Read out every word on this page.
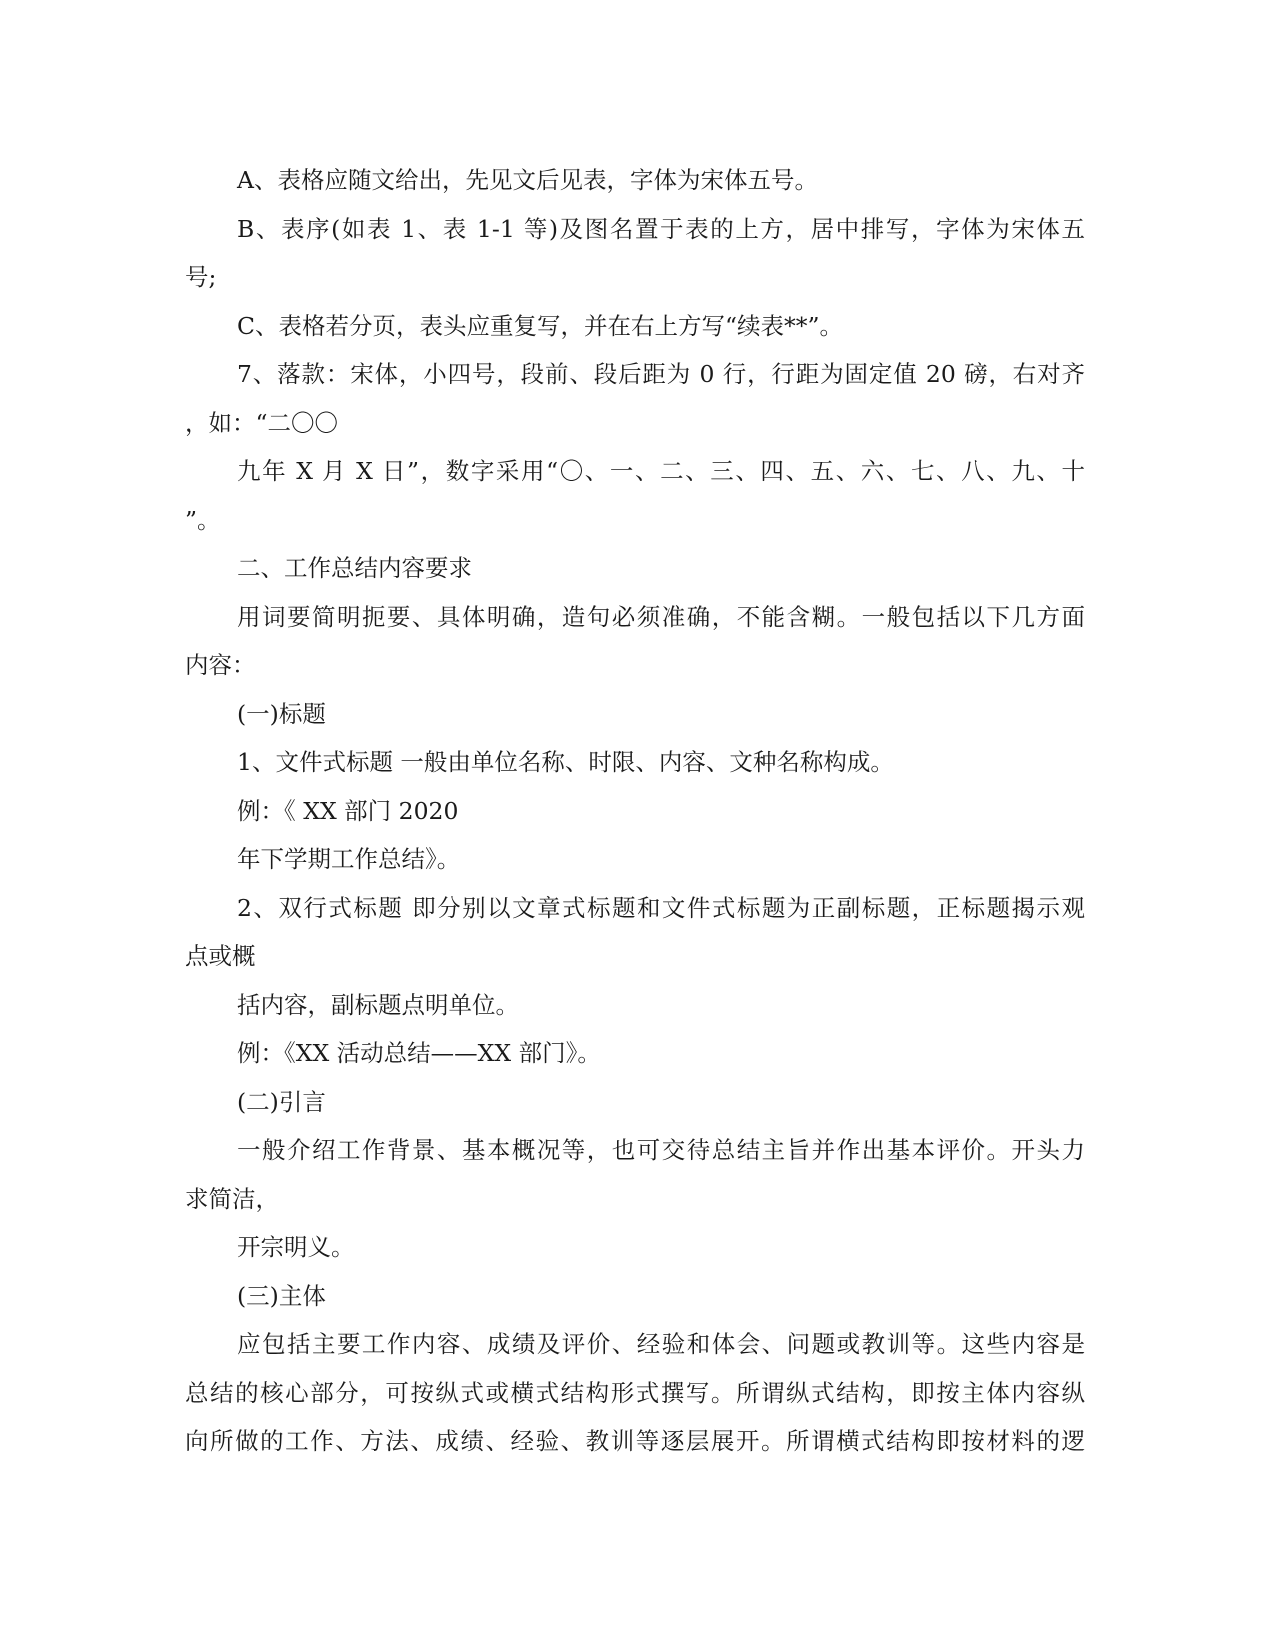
A、表格应随文给出，先见文后见表，字体为宋体五号。
B、表序(如表 1、表 1-1 等)及图名置于表的上方，居中排写，字体为宋体五
号;
C、表格若分页，表头应重复写，并在右上方写“续表**”。
7、落款：宋体，小四号，段前、段后距为 0 行，行距为固定值 20 磅，右对齐
，如：“二〇〇
九年 X 月 X 日”，数字采用“〇、一、二、三、四、五、六、七、八、九、十
”。
二、工作总结内容要求
用词要简明扼要、具体明确，造句必须准确，不能含糊。一般包括以下几方面
内容：
(一)标题
1、文件式标题 一般由单位名称、时限、内容、文种名称构成。
例：《 XX 部门 2020
年下学期工作总结》。
2、双行式标题 即分别以文章式标题和文件式标题为正副标题，正标题揭示观
点或概
括内容，副标题点明单位。
例：《XX 活动总结——XX 部门》。
(二)引言
一般介绍工作背景、基本概况等，也可交待总结主旨并作出基本评价。开头力
求简洁，
开宗明义。
(三)主体
应包括主要工作内容、成绩及评价、经验和体会、问题或教训等。这些内容是
总结的核心部分，可按纵式或横式结构形式撰写。所谓纵式结构，即按主体内容纵
向所做的工作、方法、成绩、经验、教训等逐层展开。所谓横式结构即按材料的逻
